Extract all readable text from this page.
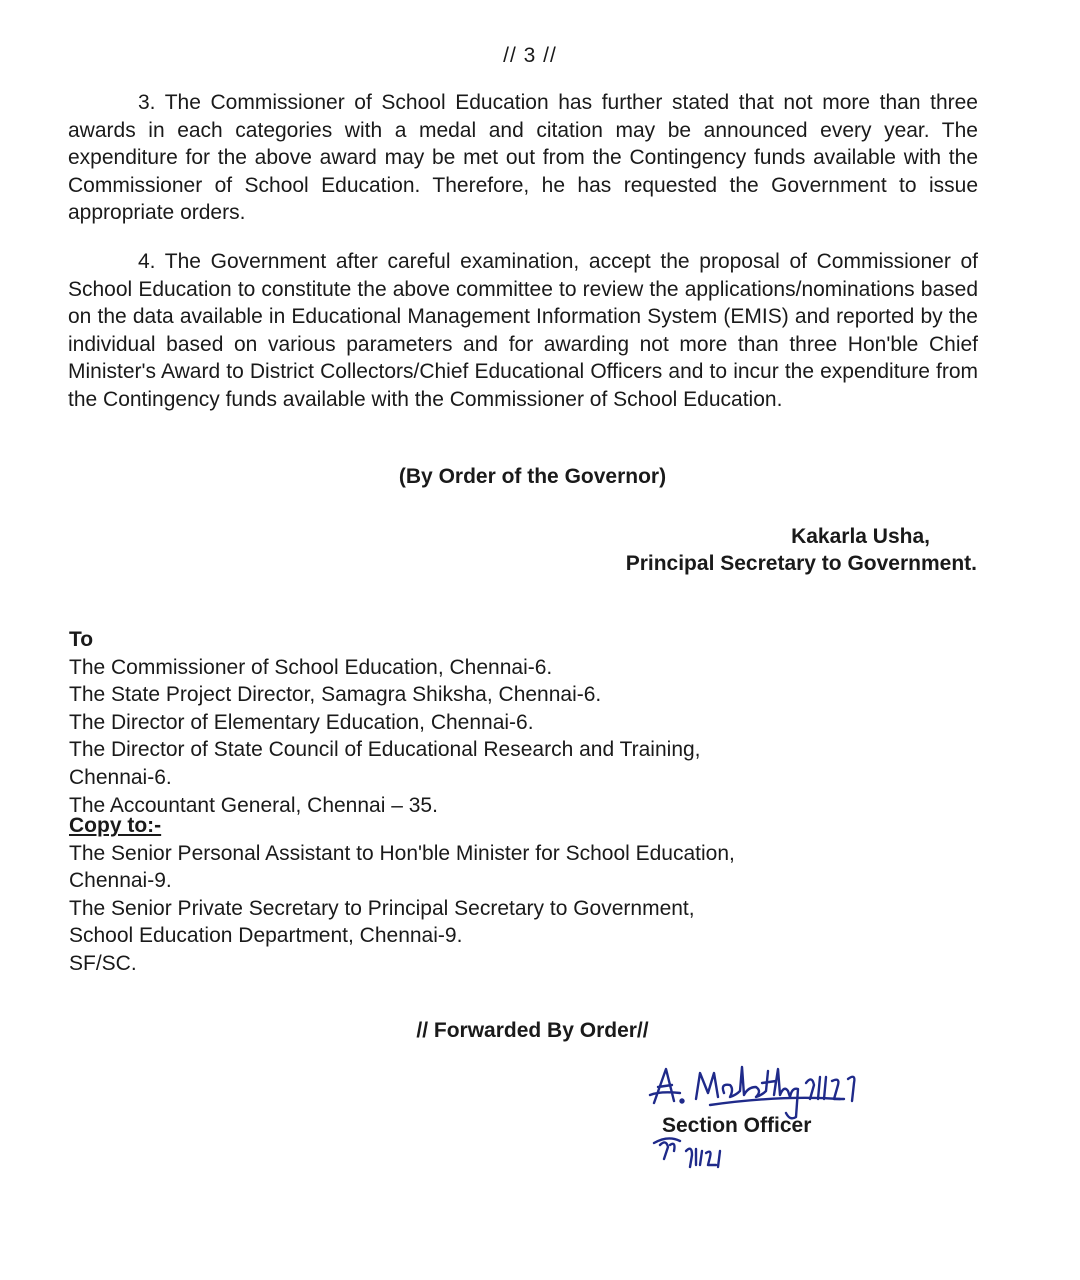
// 3 //

3. The Commissioner of School Education has further stated that not more than three awards in each categories with a medal and citation may be announced every year. The expenditure for the above award may be met out from the Contingency funds available with the Commissioner of School Education. Therefore, he has requested the Government to issue appropriate orders.

4. The Government after careful examination, accept the proposal of Commissioner of School Education to constitute the above committee to review the applications/nominations based on the data available in Educational Management Information System (EMIS) and reported by the individual based on various parameters and for awarding not more than three Hon'ble Chief Minister's Award to District Collectors/Chief Educational Officers and to incur the expenditure from the Contingency funds available with the Commissioner of School Education.

(By Order of the Governor)
Kakarla Usha,
Principal Secretary to Government.
To
The Commissioner of School Education, Chennai-6.
The State Project Director, Samagra Shiksha, Chennai-6.
The Director of Elementary Education, Chennai-6.
The Director of State Council of Educational Research and Training,
Chennai-6.
The Accountant General, Chennai – 35.
Copy to:-
The Senior Personal Assistant to Hon'ble Minister for School Education,
Chennai-9.
The Senior Private Secretary to Principal Secretary to Government,
School Education Department, Chennai-9.
SF/SC.
// Forwarded By Order//
Section Officer
